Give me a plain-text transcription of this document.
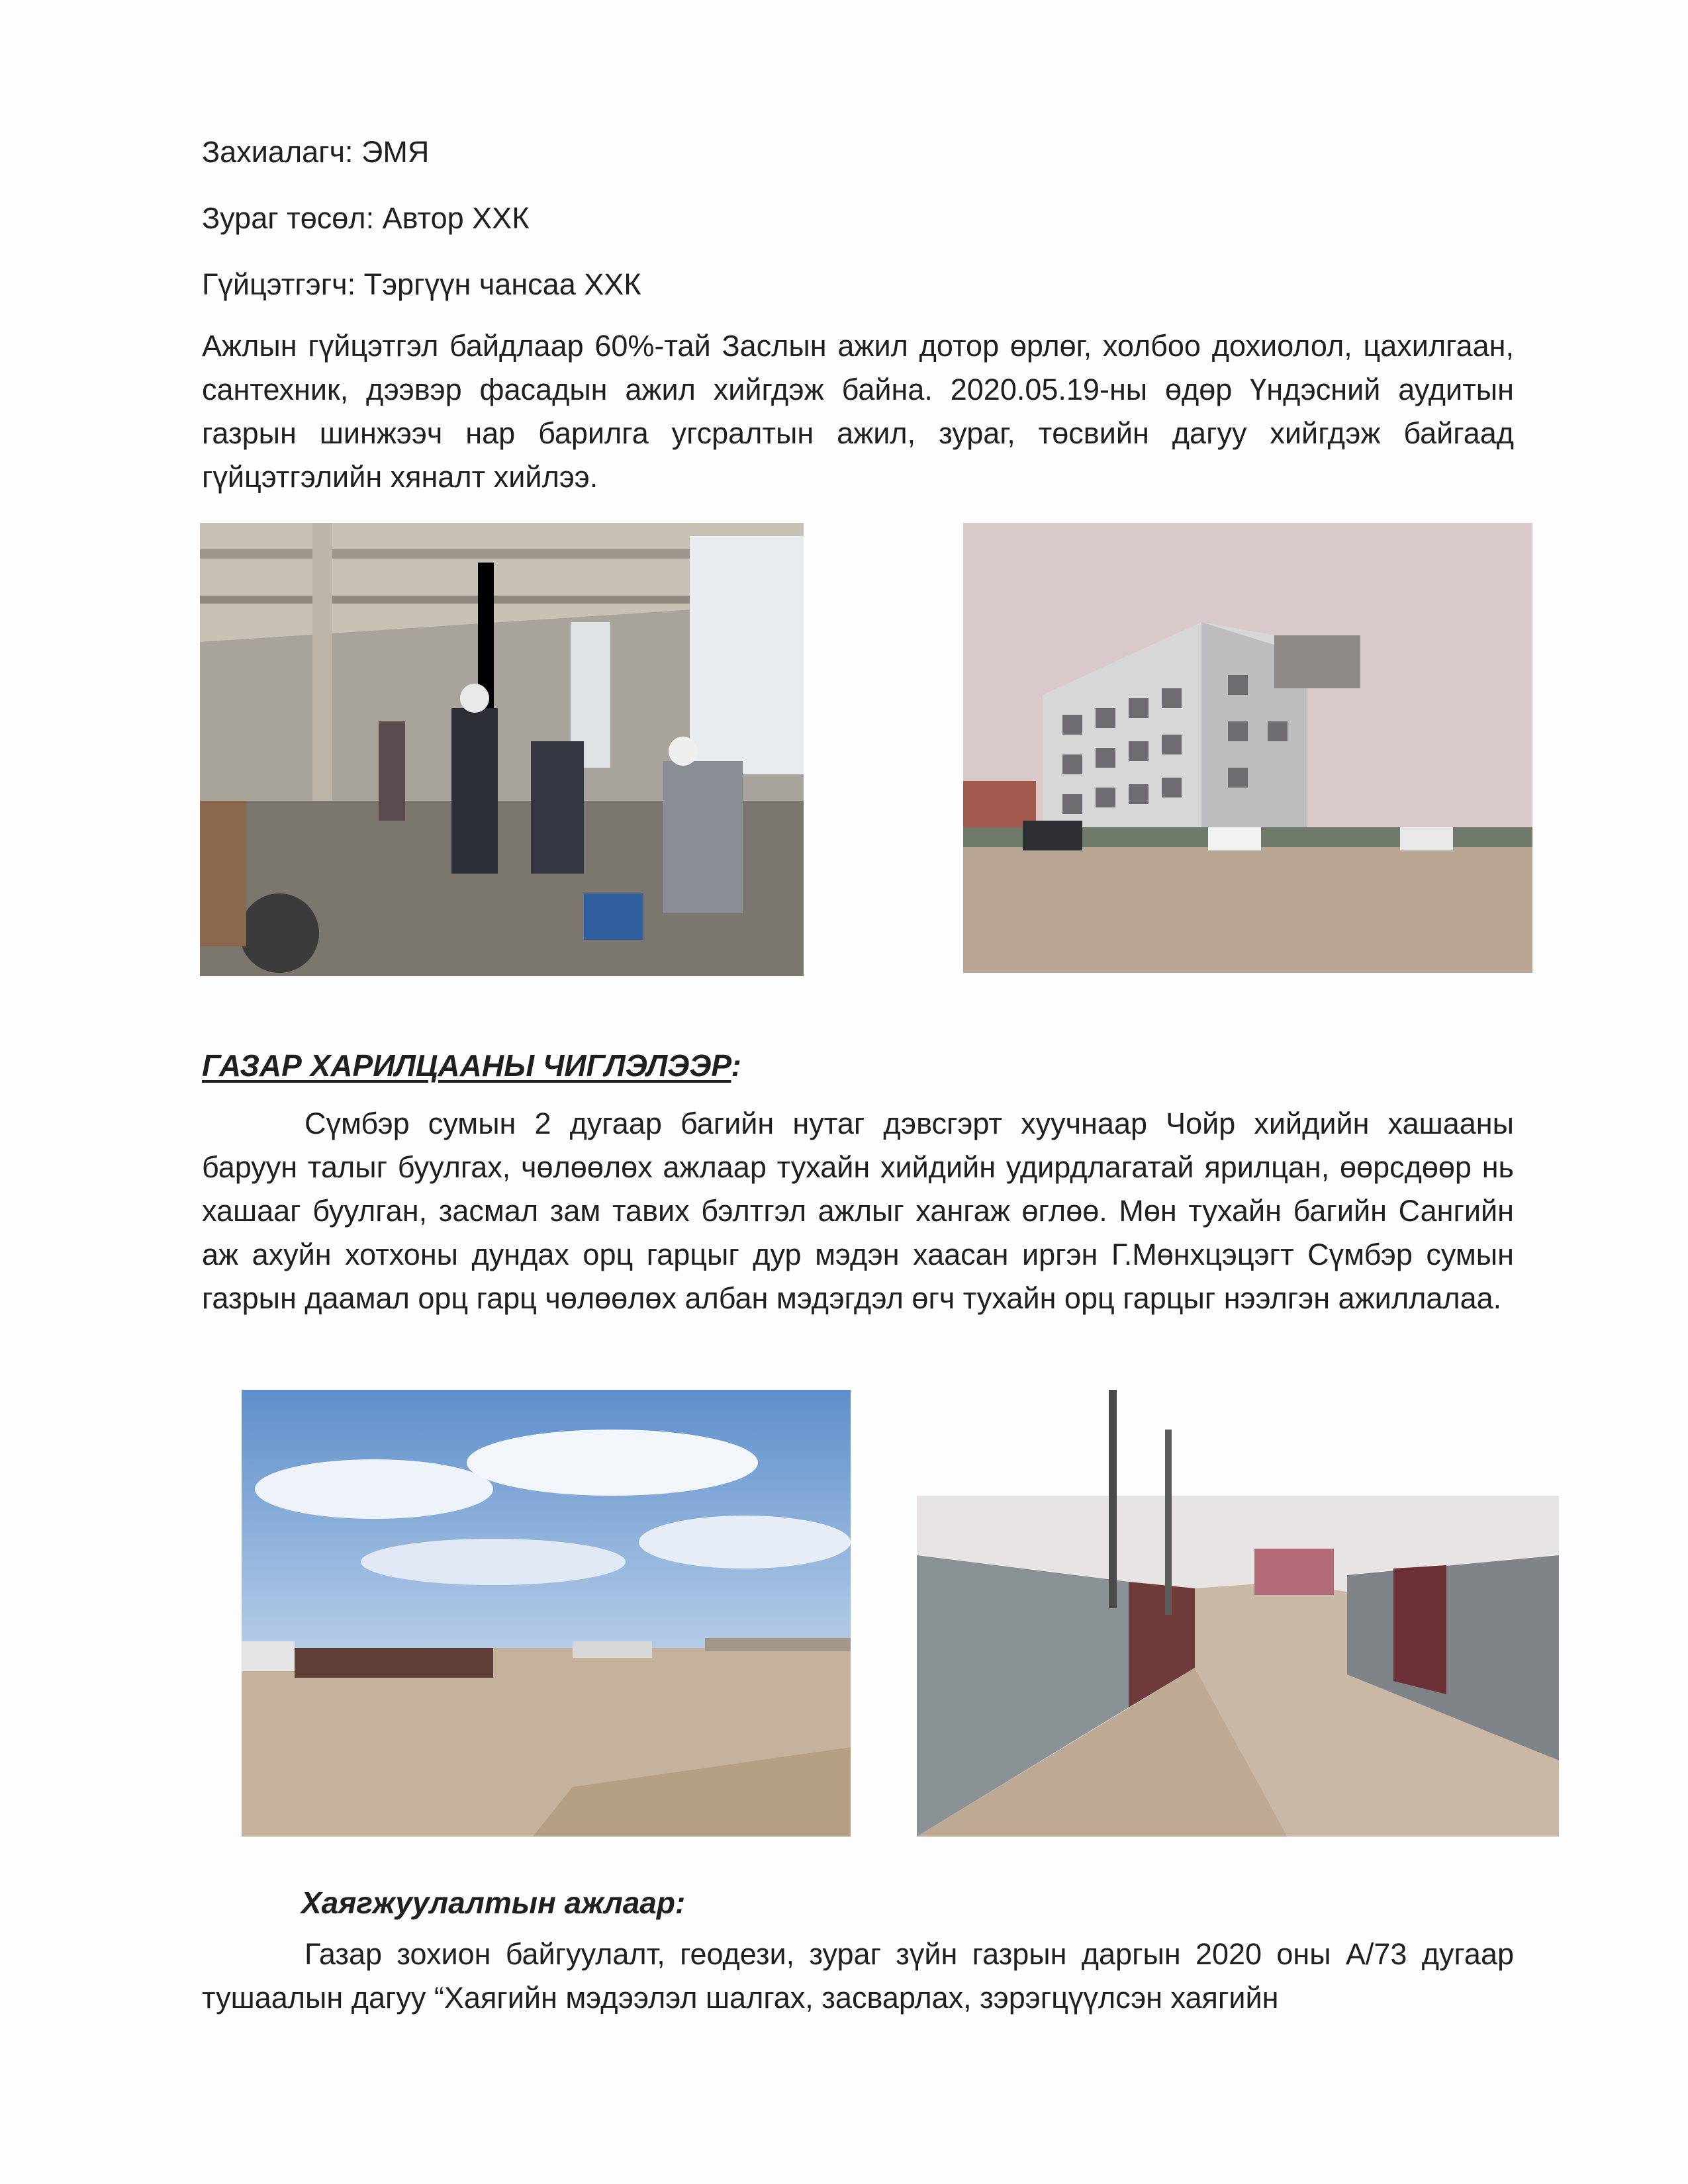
Захиалагч: ЭМЯ
Зураг төсөл: Автор ХХК
Гүйцэтгэгч: Тэргүүн чансаа ХХК
Ажлын гүйцэтгэл байдлаар 60%-тай Заслын ажил дотор өрлөг, холбоо дохиолол, цахилгаан, сантехник, дээвэр фасадын ажил хийгдэж байна. 2020.05.19-ны өдөр Үндэсний аудитын газрын шинжээч нар барилга угсралтын ажил, зураг, төсвийн дагуу хийгдэж байгаад гүйцэтгэлийн хяналт хийлээ.
ГАЗАР ХАРИЛЦААНЫ ЧИГЛЭЛЭЭР:
Сүмбэр сумын 2 дугаар багийн нутаг дэвсгэрт хуучнаар Чойр хийдийн хашааны баруун талыг буулгах, чөлөөлөх ажлаар тухайн хийдийн удирдлагатай ярилцан, өөрсдөөр нь хашааг буулган, засмал зам тавих бэлтгэл ажлыг хангаж өглөө. Мөн тухайн багийн Сангийн аж ахуйн хотхоны дундах орц гарцыг дур мэдэн хаасан иргэн Г.Мөнхцэцэгт Сүмбэр сумын газрын даамал орц гарц чөлөөлөх албан мэдэгдэл өгч тухайн орц гарцыг нээлгэн ажиллалаа.
Хаягжуулалтын ажлаар:
Газар зохион байгуулалт, геодези, зураг зүйн газрын даргын 2020 оны А/73 дугаар тушаалын дагуу “Хаягийн мэдээлэл шалгах, засварлах, зэрэгцүүлсэн хаягийн
